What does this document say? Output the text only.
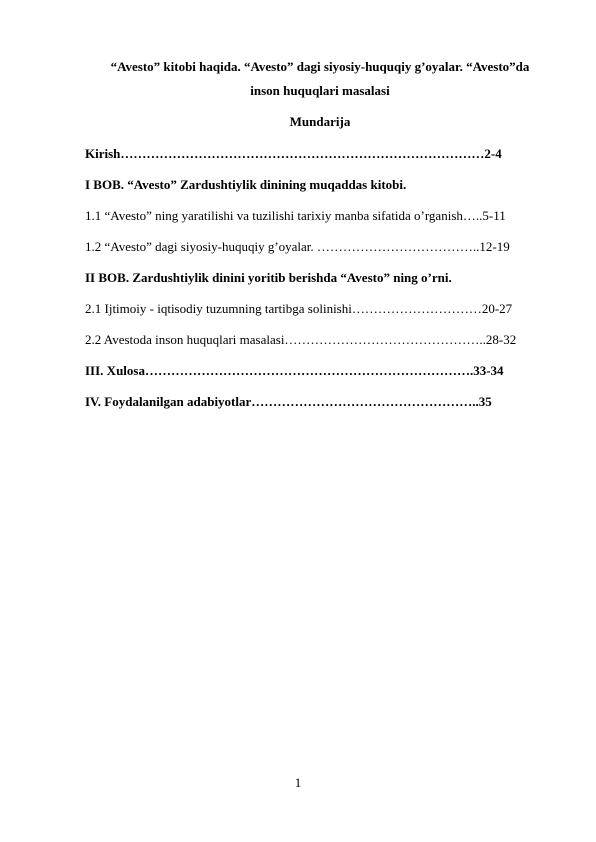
“Avesto” kitobi haqida. “Avesto” dagi siyosiy-huquqiy g’oyalar. “Avesto”da
inson huquqlari masalasi
Mundarija
Kirish…………………………………………………………………………2-4
I BOB. “Avesto” Zardushtiylik dinining muqaddas kitobi.
1.1 “Avesto” ning yaratilishi va tuzilishi tarixiy manba sifatida o’rganish…..5-11
1.2 “Avesto” dagi siyosiy-huquqiy g’oyalar. ………………………………..12-19
II BOB. Zardushtiylik dinini yoritib berishda “Avesto” ning o’rni.
2.1 Ijtimoiy - iqtisodiy tuzumning tartibga solinishi…………………………20-27
2.2 Avestoda inson huquqlari masalasi………………………………………..28-32
III. Xulosa………………………………………………………………….33-34
IV. Foydalanilgan adabiyotlar……………………………………………..35
1
